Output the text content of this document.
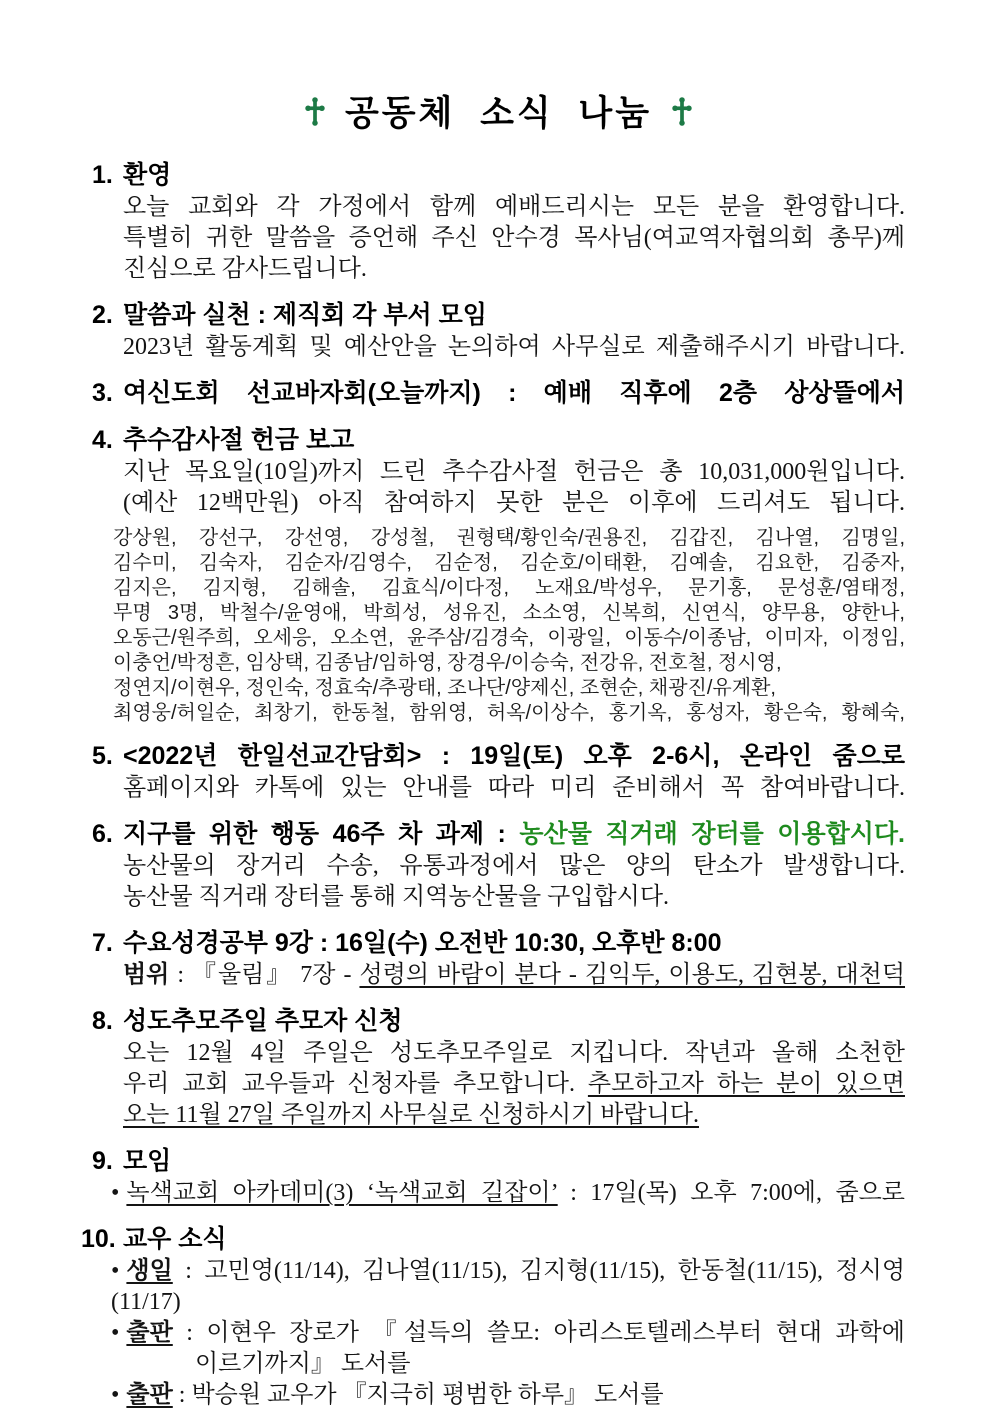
공동체 소식 나눔
1. 환영
오늘 교회와 각 가정에서 함께 예배드리시는 모든 분을 환영합니다.
특별히 귀한 말씀을 증언해 주신 안수경 목사님(여교역자협의회 총무)께
진심으로 감사드립니다.
2. 말씀과 실천 : 제직회 각 부서 모임
2023년 활동계획 및 예산안을 논의하여 사무실로 제출해주시기 바랍니다.
3. 여신도회 선교바자회(오늘까지) : 예배 직후에 2층 상상뜰에서
4. 추수감사절 헌금 보고
지난 목요일(10일)까지 드린 추수감사절 헌금은 총 10,031,000원입니다.
(예산 12백만원) 아직 참여하지 못한 분은 이후에 드리셔도 됩니다.
강상원, 강선구, 강선영, 강성철, 권형택/황인숙/권용진, 김갑진, 김나열, 김명일,
김수미, 김숙자, 김순자/김영수, 김순정, 김순호/이태환, 김예솔, 김요한, 김중자,
김지은, 김지형, 김해솔, 김효식/이다정, 노재요/박성우, 문기홍, 문성훈/염태정,
무명 3명, 박철수/윤영애, 박희성, 성유진, 소소영, 신복희, 신연식, 양무용, 양한나,
오동근/원주희, 오세응, 오소연, 윤주삼/김경숙, 이광일, 이동수/이종남, 이미자, 이정임,
이충언/박정흔, 임상택, 김종남/임하영, 장경우/이승숙, 전강유, 전호철, 정시영,
정연지/이현우, 정인숙, 정효숙/추광태, 조나단/양제신, 조현순, 채광진/유계환,
최영웅/허일순, 최창기, 한동철, 함위영, 허옥/이상수, 홍기옥, 홍성자, 황은숙, 황혜숙,
5. <2022년 한일선교간담회> : 19일(토) 오후 2-6시, 온라인 줌으로
홈페이지와 카톡에 있는 안내를 따라 미리 준비해서 꼭 참여바랍니다.
6. 지구를 위한 행동 46주 차 과제 : 농산물 직거래 장터를 이용합시다.
농산물의 장거리 수송, 유통과정에서 많은 양의 탄소가 발생합니다.
농산물 직거래 장터를 통해 지역농산물을 구입합시다.
7. 수요성경공부 9강 : 16일(수) 오전반 10:30, 오후반 8:00
범위 : 『울림』 7장 - 성령의 바람이 분다 - 김익두, 이용도, 김현봉, 대천덕
8. 성도추모주일 추모자 신청
오는 12월 4일 주일은 성도추모주일로 지킵니다. 작년과 올해 소천한
우리 교회 교우들과 신청자를 추모합니다. 추모하고자 하는 분이 있으면
오는 11월 27일 주일까지 사무실로 신청하시기 바랍니다.
9. 모임
• 녹색교회 아카데미(3) ‘녹색교회 길잡이’ : 17일(목) 오후 7:00에, 줌으로
10. 교우 소식
• 생일 : 고민영(11/14), 김나열(11/15), 김지형(11/15), 한동철(11/15), 정시영(11/17)
• 출판 : 이현우 장로가 『설득의 쓸모: 아리스토텔레스부터 현대 과학에
이르기까지』 도서를
• 출판 : 박승원 교우가 『지극히 평범한 하루』 도서를
